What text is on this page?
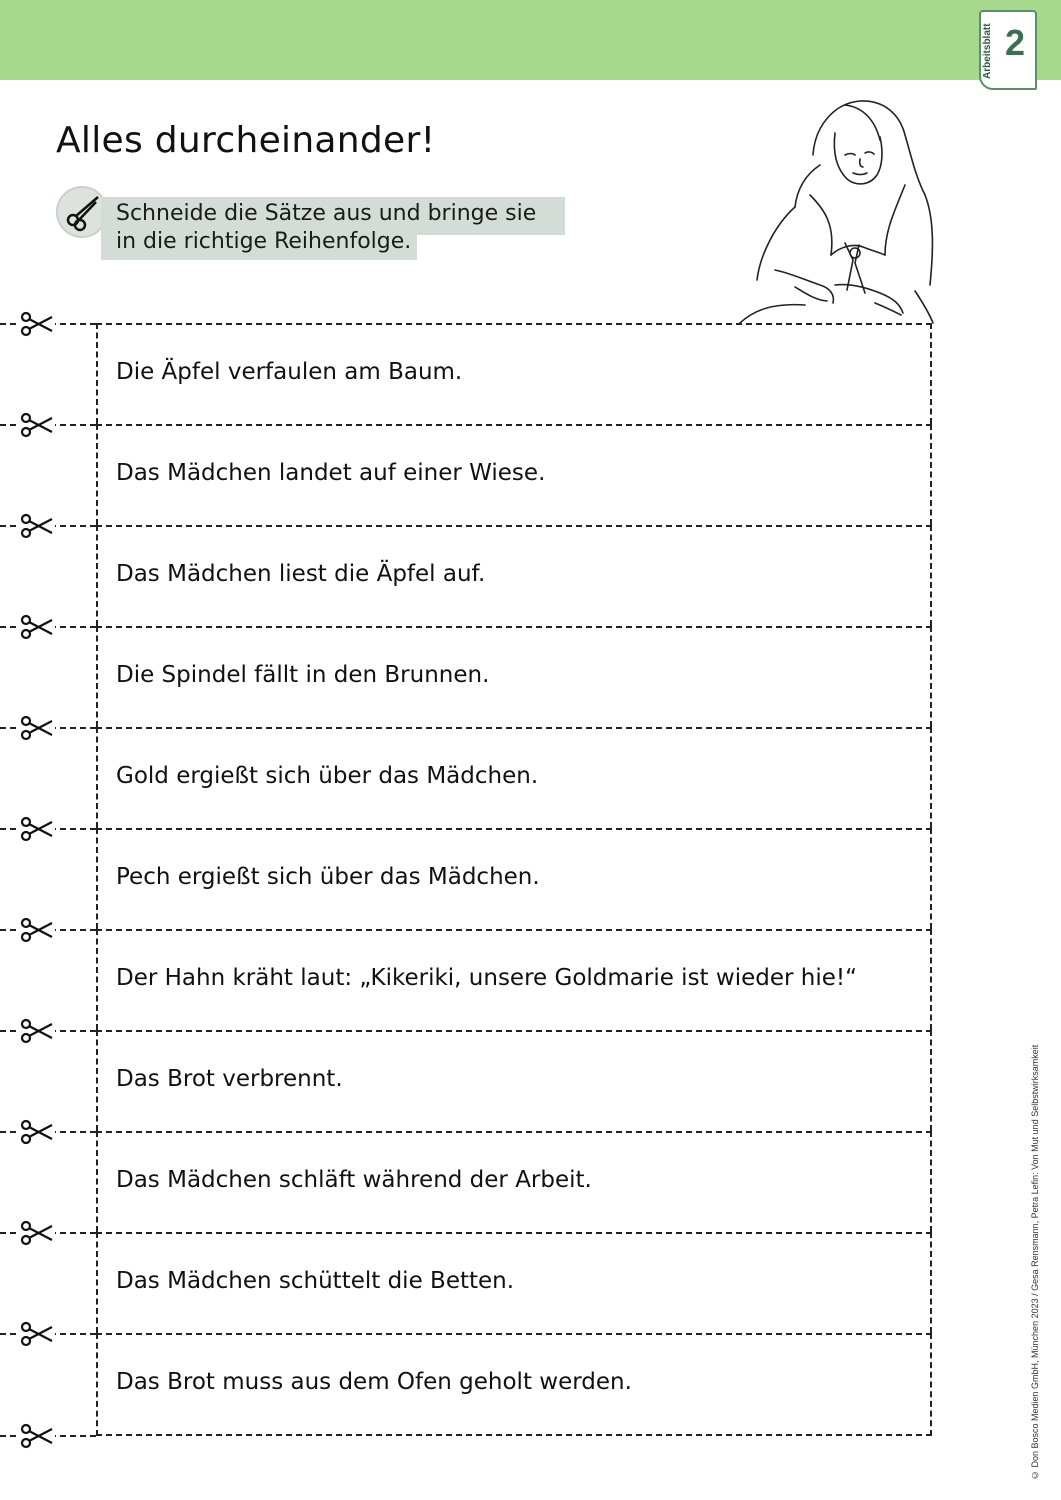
Arbeitsblatt 2
Alles durcheinander!
Schneide die Sätze aus und bringe sie
in die richtige Reihenfolge.
Die Äpfel verfaulen am Baum.
Das Mädchen landet auf einer Wiese.
Das Mädchen liest die Äpfel auf.
Die Spindel fällt in den Brunnen.
Gold ergießt sich über das Mädchen.
Pech ergießt sich über das Mädchen.
Der Hahn kräht laut: „Kikeriki, unsere Goldmarie ist wieder hie!“
Das Brot verbrennt.
Das Mädchen schläft während der Arbeit.
Das Mädchen schüttelt die Betten.
Das Brot muss aus dem Ofen geholt werden.	© Don Bosco Medien GmbH, München 2023 / Gesa Rensmann, Petra Lefin: Von Mut und Selbstwirksamkeit
